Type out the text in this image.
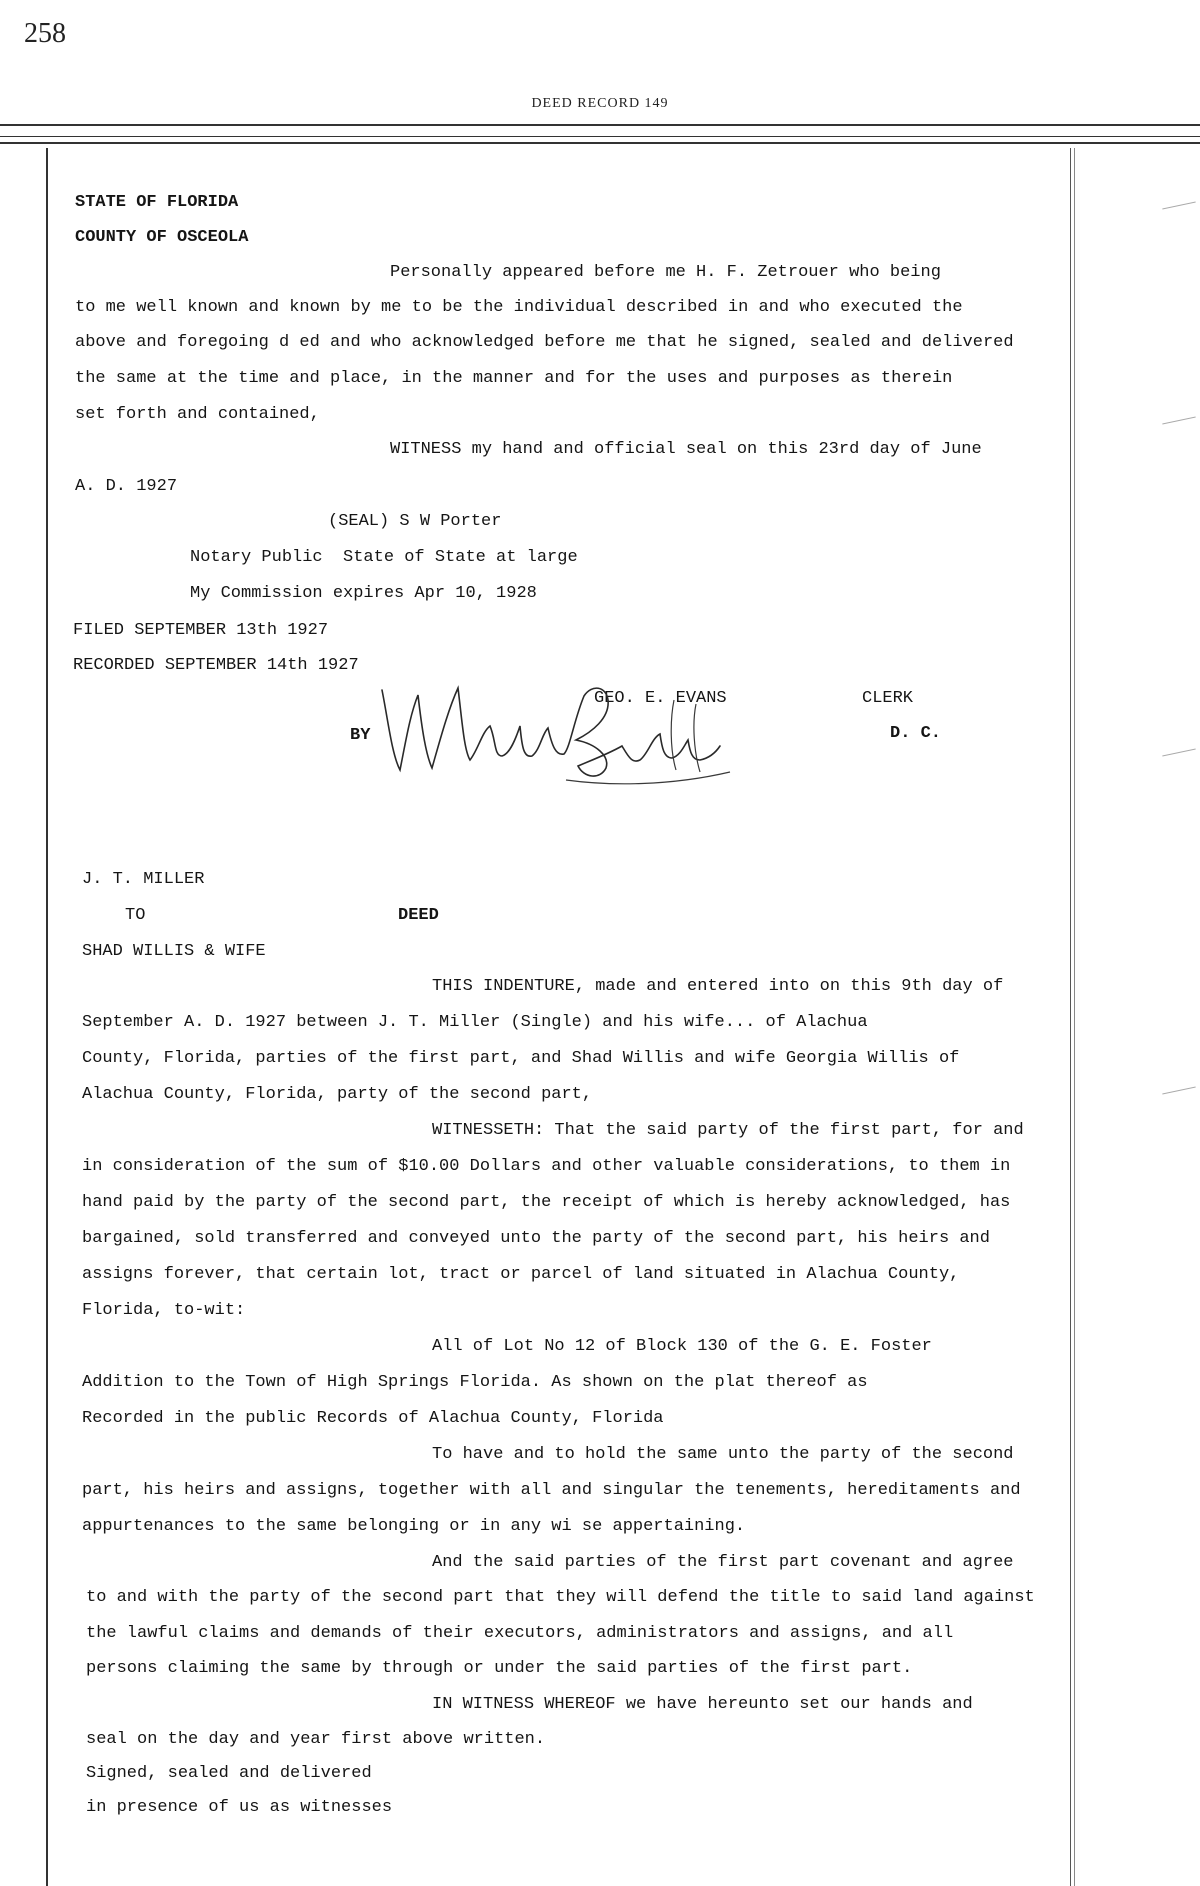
258
DEED RECORD 149
STATE OF FLORIDA
COUNTY OF OSCEOLA
Personally appeared before me H. F. Zetrouer who being
to me well known and known by me to be the individual described in and who executed the
above and foregoing d ed and who acknowledged before me that he signed, sealed and delivered
the same at the time and place, in the manner and for the uses and purposes as therein
set forth and contained,
WITNESS my hand and official seal on this 23rd day of June
A. D. 1927
(SEAL) S W Porter
Notary Public  State of State at large
My Commission expires Apr 10, 1928
FILED SEPTEMBER 13th 1927
RECORDED SEPTEMBER 14th 1927
GEO. E. EVANS	CLERK
BY	D. C.
J. T. MILLER
TO	DEED
SHAD WILLIS & WIFE
THIS INDENTURE, made and entered into on this 9th day of
September A. D. 1927 between J. T. Miller (Single) and his wife... of Alachua
County, Florida, parties of the first part, and Shad Willis and wife Georgia Willis of
Alachua County, Florida, party of the second part,
WITNESSETH: That the said party of the first part, for and
in consideration of the sum of $10.00 Dollars and other valuable considerations, to them in
hand paid by the party of the second part, the receipt of which is hereby acknowledged, has
bargained, sold transferred and conveyed unto the party of the second part, his heirs and
assigns forever, that certain lot, tract or parcel of land situated in Alachua County,
Florida, to-wit:
All of Lot No 12 of Block 130 of the G. E. Foster
Addition to the Town of High Springs Florida. As shown on the plat thereof as
Recorded in the public Records of Alachua County, Florida
To have and to hold the same unto the party of the second
part, his heirs and assigns, together with all and singular the tenements, hereditaments and
appurtenances to the same belonging or in any wi se appertaining.
And the said parties of the first part covenant and agree
to and with the party of the second part that they will defend the title to said land against
the lawful claims and demands of their executors, administrators and assigns, and all
persons claiming the same by through or under the said parties of the first part.
IN WITNESS WHEREOF we have hereunto set our hands and
seal on the day and year first above written.
Signed, sealed and delivered
in presence of us as witnesses
